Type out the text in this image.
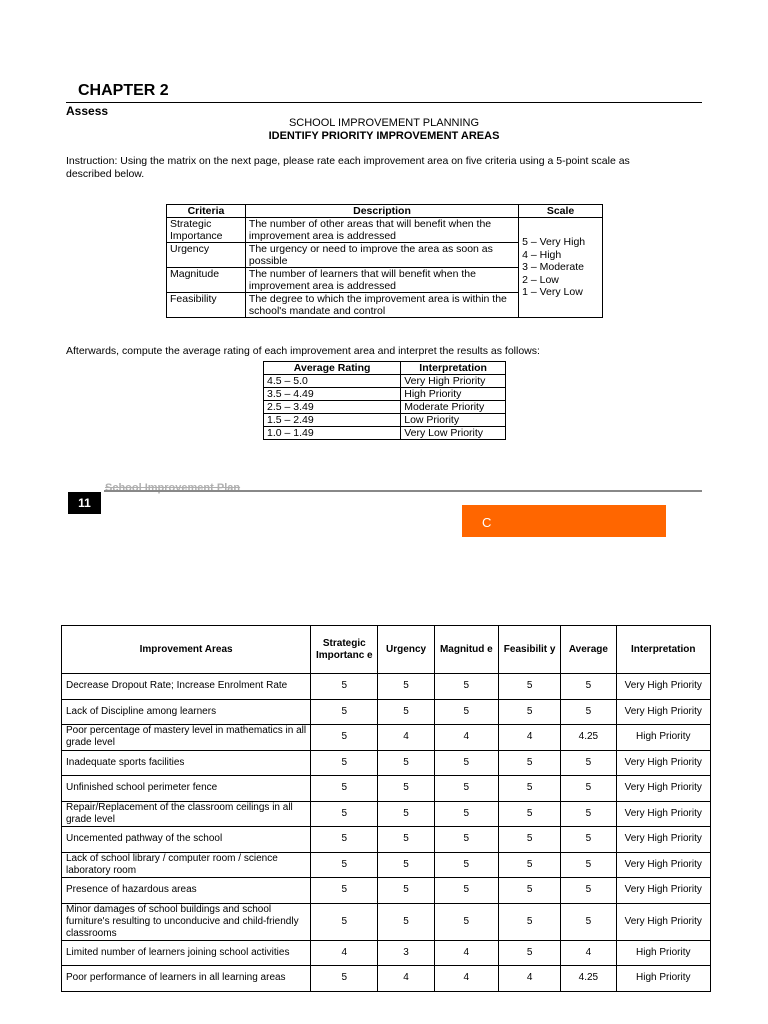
CHAPTER 2
Assess
SCHOOL IMPROVEMENT PLANNING
IDENTIFY PRIORITY IMPROVEMENT AREAS
Instruction: Using the matrix on the next page, please rate each improvement area on five criteria using a 5-point scale as described below.
Criteria	Description	Scale
Strategic Importance	The number of other areas that will benefit when the improvement area is addressed	5 – Very High
4 – High
3 – Moderate
2 – Low
1 – Very Low

Urgency	The urgency or need to improve the area as soon as possible	
Magnitude	The number of learners that will benefit when the improvement area is addressed	
Feasibility	The degree to which the improvement area is within the school's mandate and control	
Afterwards, compute the average rating of each improvement area and interpret the results as follows:
Average Rating	Interpretation
4.5 – 5.0	Very High Priority
3.5 – 4.49	High Priority
2.5 – 3.49	Moderate Priority
1.5 – 2.49	Low Priority
1.0 – 1.49	Very Low Priority
School Improvement Plan
11
C
Improvement Areas	Strategic Importanc e	Urgency	Magnitud e	Feasibilit y	Average	Interpretation
Decrease Dropout Rate; Increase Enrolment Rate	5	5	5	5	5	Very High Priority
Lack of Discipline among learners	5	5	5	5	5	Very High Priority
Poor percentage of mastery level in mathematics in all grade level	5	4	4	4	4.25	High Priority
Inadequate sports facilities	5	5	5	5	5	Very High Priority
Unfinished school perimeter fence	5	5	5	5	5	Very High Priority
Repair/Replacement of the classroom ceilings in all grade level	5	5	5	5	5	Very High Priority
Uncemented pathway of the school	5	5	5	5	5	Very High Priority
Lack of school library / computer room / science laboratory room	5	5	5	5	5	Very High Priority
Presence of hazardous areas	5	5	5	5	5	Very High Priority
Minor damages of school buildings and school furniture's resulting to unconducive and child-friendly classrooms	5	5	5	5	5	Very High Priority
Limited number of learners joining school activities	4	3	4	5	4	High Priority
Poor performance of learners in all learning areas	5	4	4	4	4.25	High Priority
